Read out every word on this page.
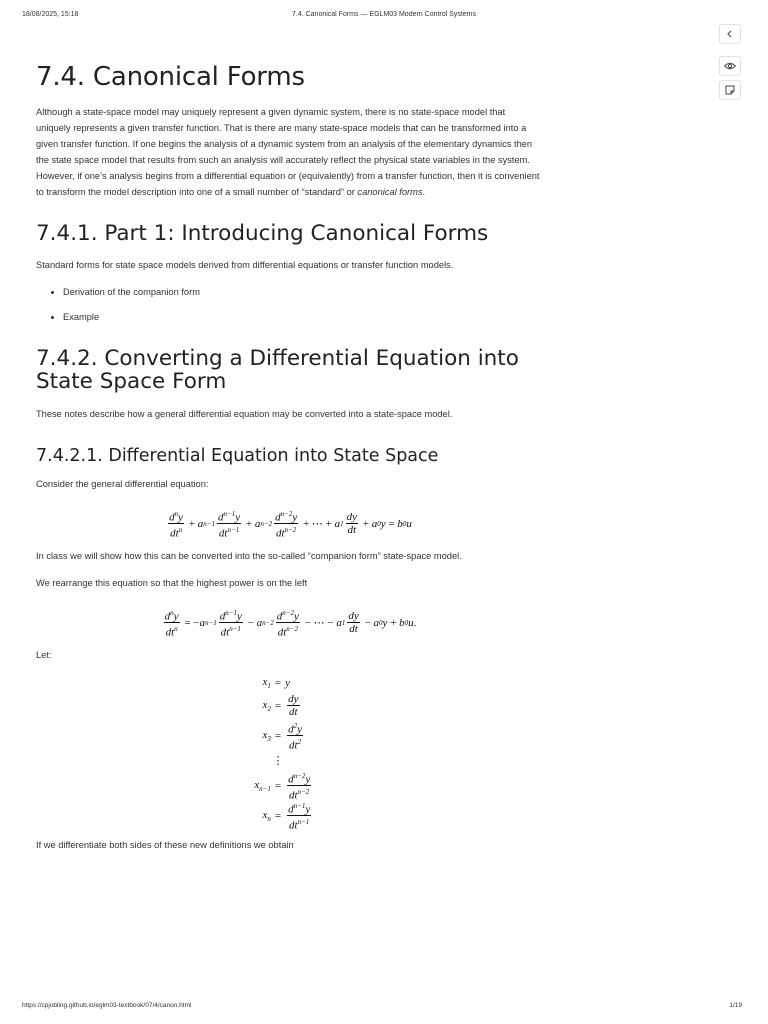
18/08/2025, 15:18	7.4. Canonical Forms — EGLM03 Modern Control Systems
7.4. Canonical Forms

Although a state-space model may uniquely represent a given dynamic system, there is no state-space model that uniquely represents a given transfer function. That is there are many state-space models that can be transformed into a given transfer function. If one begins the analysis of a dynamic system from an analysis of the elementary dynamics then the state space model that results from such an analysis will accurately reflect the physical state variables in the system. However, if one’s analysis begins from a differential equation or (equivalently) from a transfer function, then it is convenient to transform the model description into one of a small number of “standard” or canonical forms.

7.4.1. Part 1: Introducing Canonical Forms

Standard forms for state space models derived from differential equations or transfer function models.

• Derivation of the companion form
• Example
7.4.2. Converting a Differential Equation into State Space Form

These notes describe how a general differential equation may be converted into a state-space model.

7.4.2.1. Differential Equation into State Space

Consider the general differential equation:

$\frac{d^ny}{dt^n} + a$ $n-1 \frac{d^{n-1}y}{dt^{n-1}} + a$ $n-2 \frac{d^{n-2}y}{dt^{n-2}}$ + ⋯ + a $1 \frac{dy}{dt} + a$ 0 y = b 0 u

In class we will show how this can be converted into the so-called “companion form” state-space model.

We rearrange this equation so that the highest power is on the left

$\frac{d^ny}{dt^n}$ = − a $n-1 \frac{d^{n-1}y}{dt^{n-1}} - a$ $n-2 \frac{d^{n-2}y}{dt^{n-2}}$ − ⋯ − a $1 \frac{dy}{dt} - a$ 0 y + b 0 u .

Let:

$x_1 = y$
$x_2 = \frac{dy}{dt}$
$x_3 = \frac{d^2y}{dt^2}$
⋮
$x_{n-1} = \frac{d^{n-2}y}{dt^{n-2}}$
$x_n = \frac{d^{n-1}y}{dt^{n-1}}$

If we differentiate both sides of these new definitions we obtain

https://cpjobling.github.io/eglm03-textbook/07/4/canon.html	1/19
